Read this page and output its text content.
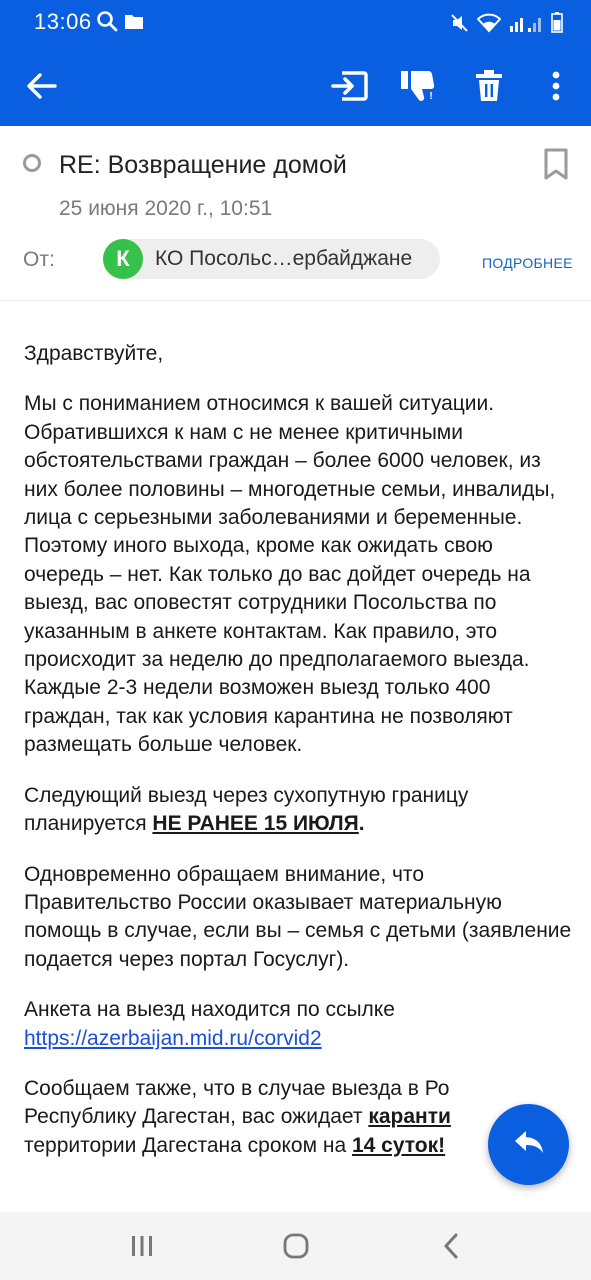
13:06
!
RE: Возвращение домой
25 июня 2020 г., 10:51
От:	К	КО Посольс…ербайджане	ПОДРОБНЕЕ

Здравствуйте,

Мы с пониманием относимся к вашей ситуации. Обратившихся к нам с не менее критичными обстоятельствами граждан – более 6000 человек, из них более половины – многодетные семьи, инвалиды, лица с серьезными заболеваниями и беременные. Поэтому иного выхода, кроме как ожидать свою очередь – нет. Как только до вас дойдет очередь на выезд, вас оповестят сотрудники Посольства по указанным в анкете контактам. Как правило, это происходит за неделю до предполагаемого выезда. Каждые 2-3 недели возможен выезд только 400 граждан, так как условия карантина не позволяют размещать больше человек.

Следующий выезд через сухопутную границу планируется НЕ РАНЕЕ 15 ИЮЛЯ.

Одновременно обращаем внимание, что Правительство России оказывает материальную помощь в случае, если вы – семья с детьми (заявление подается через портал Госуслуг).

Анкета на выезд находится по ссылке
https://azerbaijan.mid.ru/corvid2

Сообщаем также, что в случае выезда в Ро
Республику Дагестан, вас ожидает каранти
территории Дагестана сроком на 14 суток!
